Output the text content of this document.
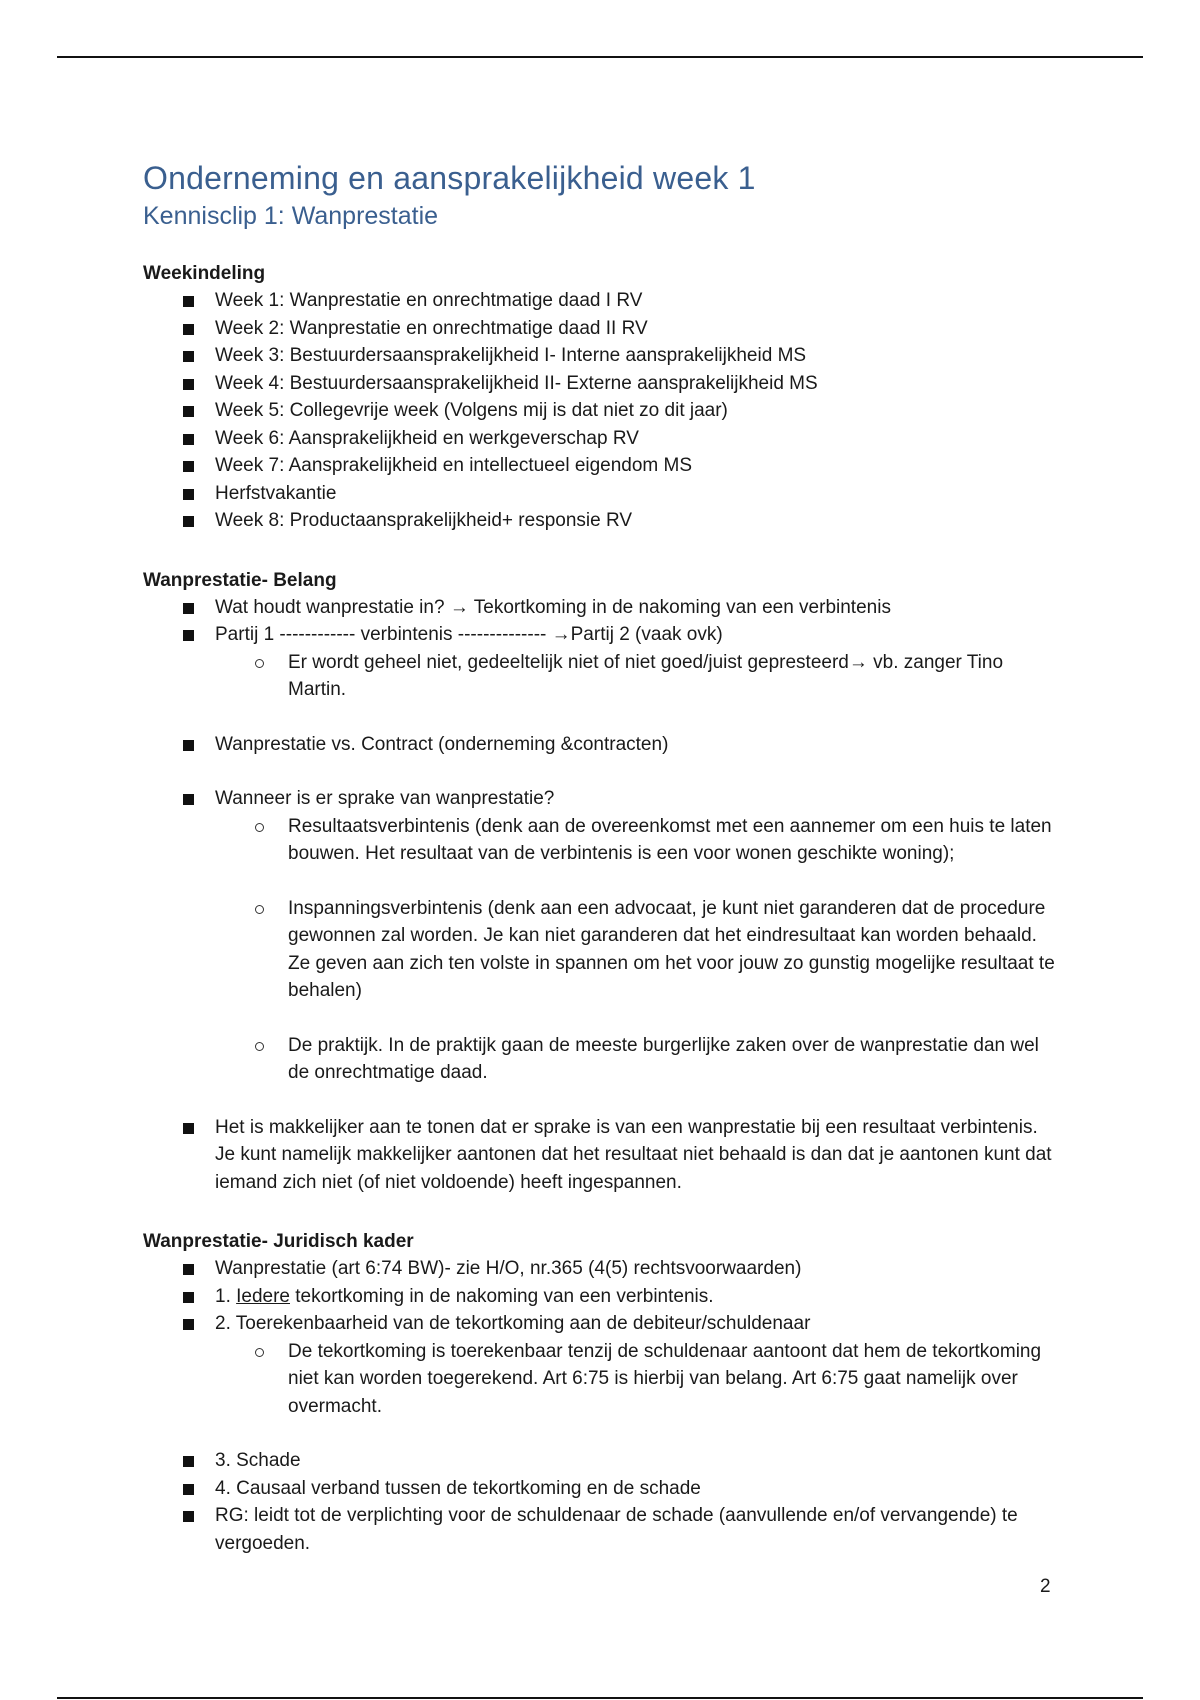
Onderneming en aansprakelijkheid week 1
Kennisclip 1: Wanprestatie
Weekindeling
Week 1: Wanprestatie en onrechtmatige daad I RV
Week 2: Wanprestatie en onrechtmatige daad II RV
Week 3: Bestuurdersaansprakelijkheid I- Interne aansprakelijkheid MS
Week 4: Bestuurdersaansprakelijkheid II- Externe aansprakelijkheid MS
Week 5: Collegevrije week (Volgens mij is dat niet zo dit jaar)
Week 6: Aansprakelijkheid en werkgeverschap RV
Week 7: Aansprakelijkheid en intellectueel eigendom MS
Herfstvakantie
Week 8: Productaansprakelijkheid+ responsie RV
Wanprestatie- Belang
Wat houdt wanprestatie in? → Tekortkoming in de nakoming van een verbintenis
Partij 1 ------------ verbintenis -------------- →Partij 2 (vaak ovk)
Er wordt geheel niet, gedeeltelijk niet of niet goed/juist gepresteerd→ vb. zanger Tino Martin.
Wanprestatie vs. Contract (onderneming &contracten)
Wanneer is er sprake van wanprestatie?
Resultaatsverbintenis (denk aan de overeenkomst met een aannemer om een huis te laten bouwen. Het resultaat van de verbintenis is een voor wonen geschikte woning);
Inspanningsverbintenis (denk aan een advocaat, je kunt niet garanderen dat de procedure gewonnen zal worden. Je kan niet garanderen dat het eindresultaat kan worden behaald. Ze geven aan zich ten volste in spannen om het voor jouw zo gunstig mogelijke resultaat te behalen)
De praktijk. In de praktijk gaan de meeste burgerlijke zaken over de wanprestatie dan wel de onrechtmatige daad.
Het is makkelijker aan te tonen dat er sprake is van een wanprestatie bij een resultaat verbintenis. Je kunt namelijk makkelijker aantonen dat het resultaat niet behaald is dan dat je aantonen kunt dat iemand zich niet (of niet voldoende) heeft ingespannen.
Wanprestatie- Juridisch kader
Wanprestatie (art 6:74 BW)- zie H/O, nr.365 (4(5) rechtsvoorwaarden)
1. Iedere tekortkoming in de nakoming van een verbintenis.
2. Toerekenbaarheid van de tekortkoming aan de debiteur/schuldenaar
De tekortkoming is toerekenbaar tenzij de schuldenaar aantoont dat hem de tekortkoming niet kan worden toegerekend. Art 6:75 is hierbij van belang. Art 6:75 gaat namelijk over overmacht.
3. Schade
4. Causaal verband tussen de tekortkoming en de schade
RG: leidt tot de verplichting voor de schuldenaar de schade (aanvullende en/of vervangende) te vergoeden.
2
